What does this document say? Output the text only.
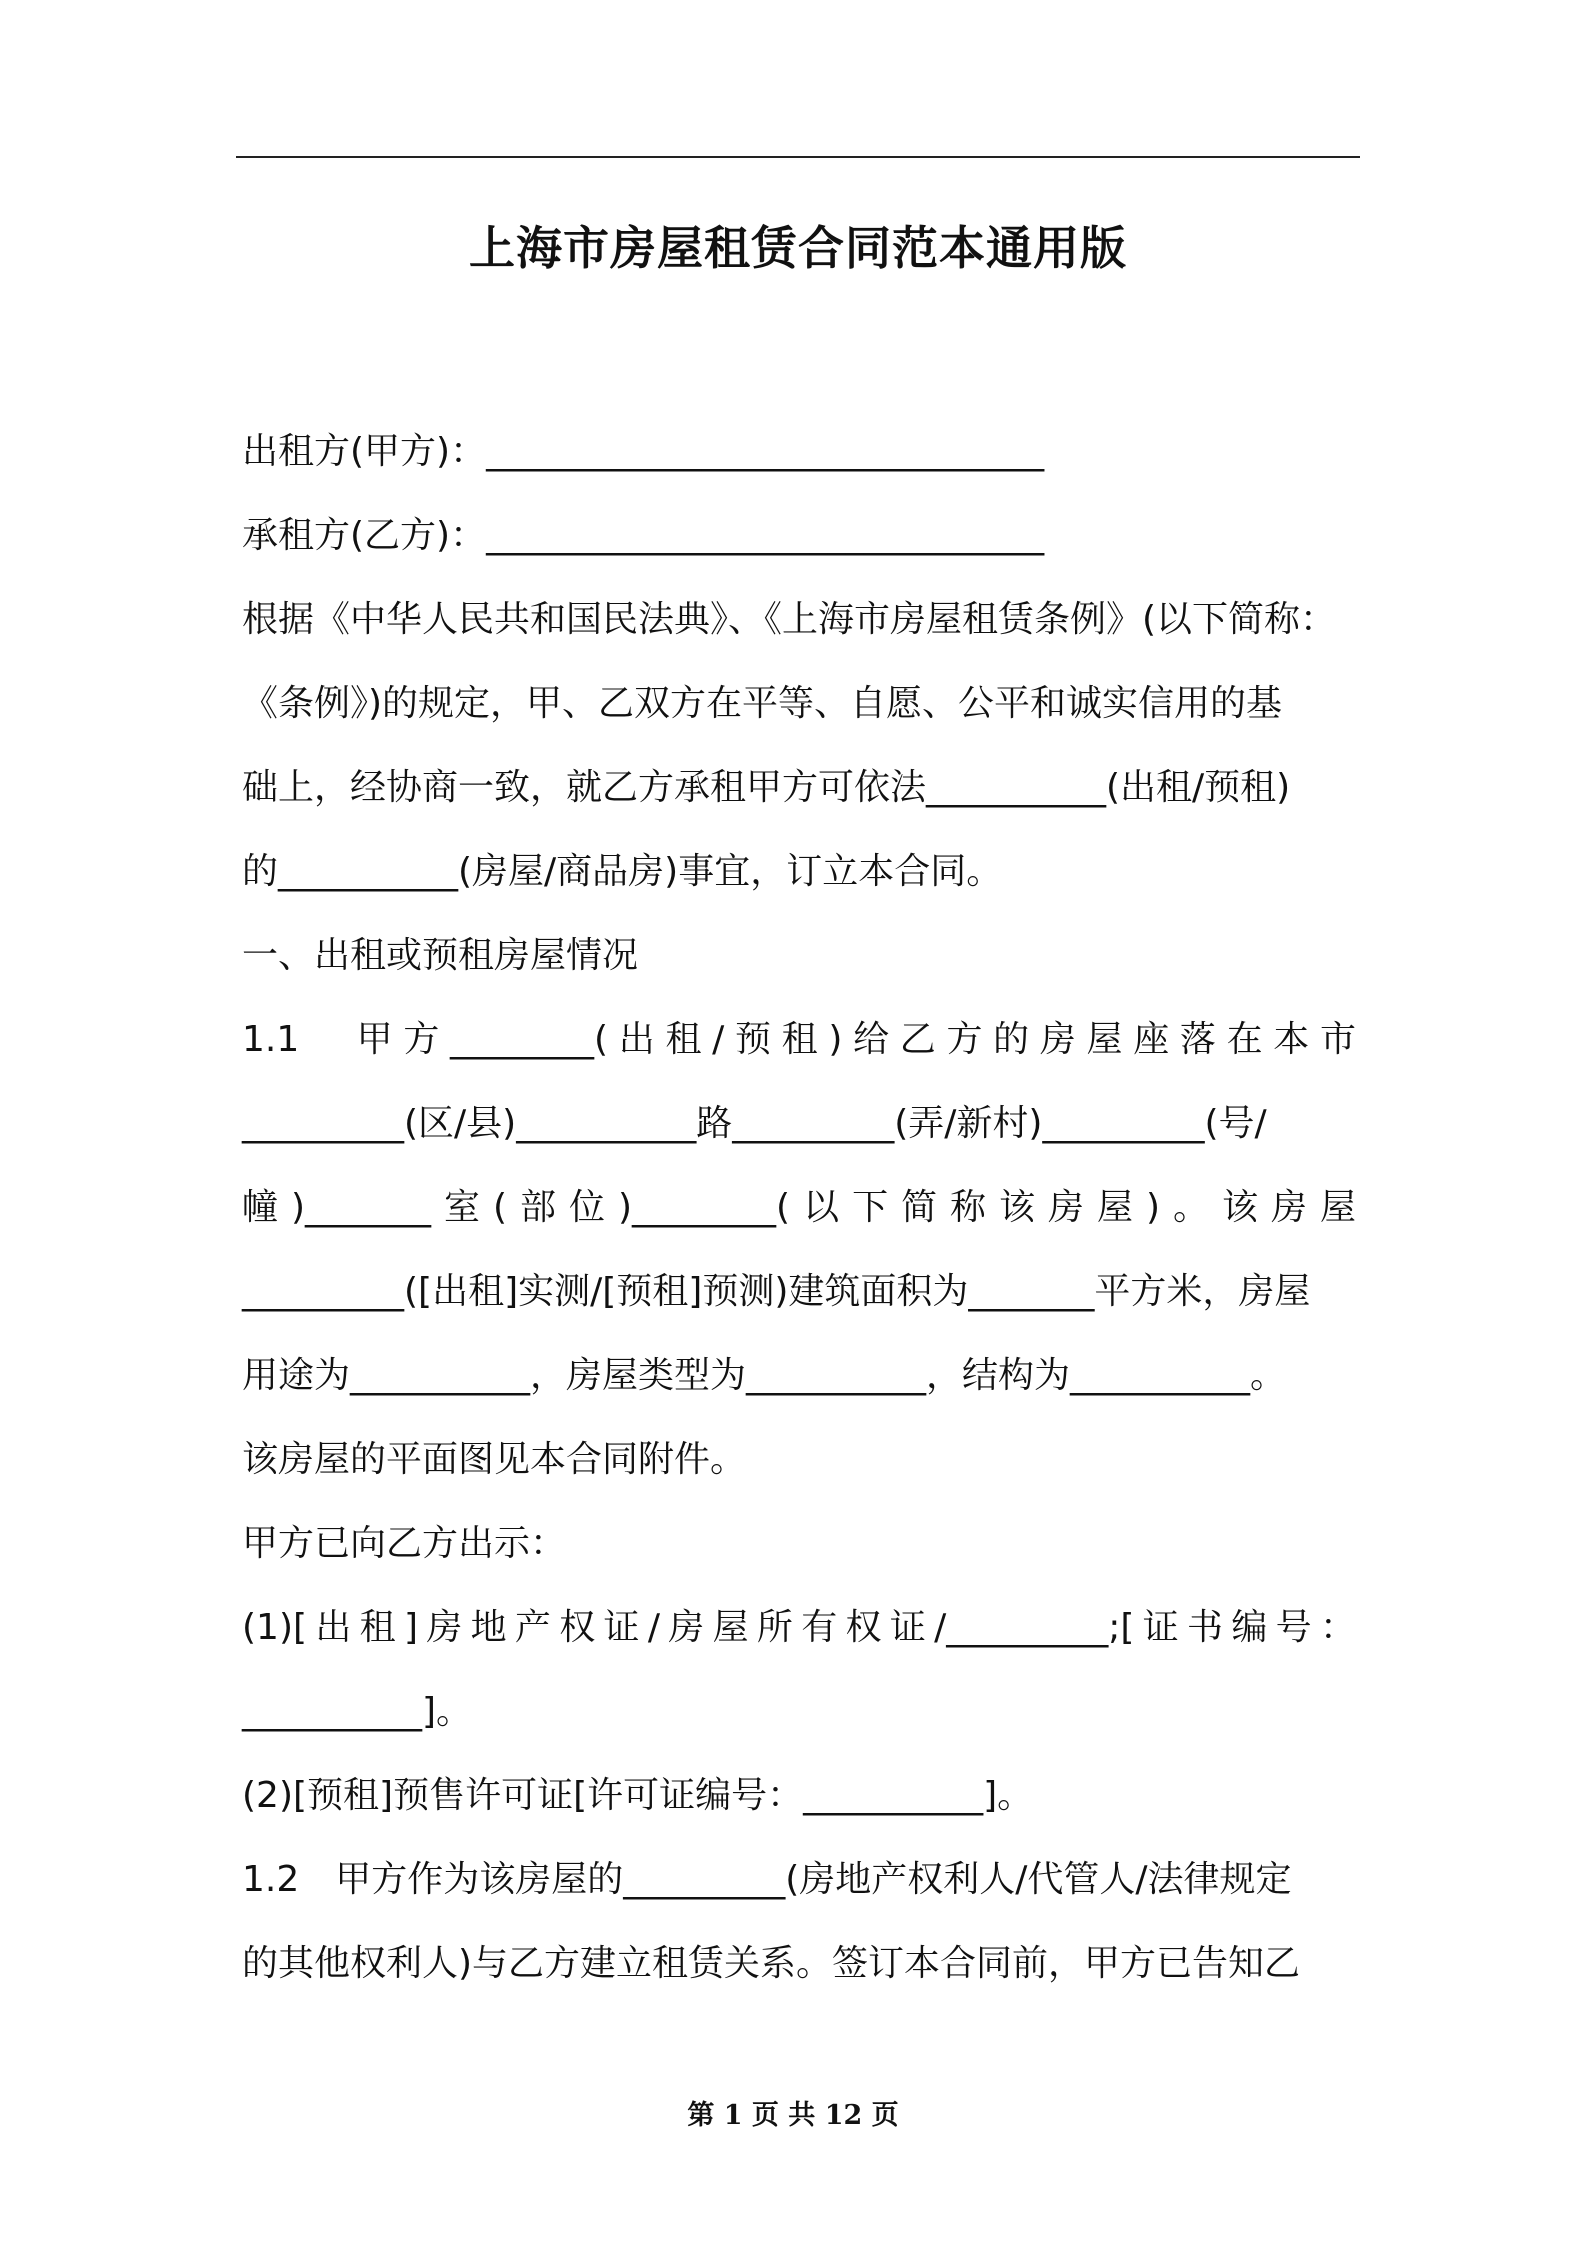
上海市房屋租赁合同范本通用版
出租方(甲方)：_______________________________
承租方(乙方)：_______________________________
根据《中华人民共和国民法典》、《上海市房屋租赁条例》(以下简称：
《条例》)的规定，甲、乙双方在平等、自愿、公平和诚实信用的基
础上，经协商一致，就乙方承租甲方可依法__________(出租/预租)
的__________(房屋/商品房)事宜，订立本合同。
一、出租或预租房屋情况
1.1　甲方________(出租/预租)给乙方的房屋座落在本市
_________(区/县)__________路_________(弄/新村)_________(号/
幢)_______室(部位)________(以下简称该房屋)。该房屋
_________([出租]实测/[预租]预测)建筑面积为_______平方米，房屋
用途为__________，房屋类型为__________，结构为__________。
该房屋的平面图见本合同附件。
甲方已向乙方出示：
(1)[出租]房地产权证/房屋所有权证/_________;[证书编号：
__________]。
(2)[预租]预售许可证[许可证编号：__________]。
1.2　甲方作为该房屋的_________(房地产权利人/代管人/法律规定
的其他权利人)与乙方建立租赁关系。签订本合同前，甲方已告知乙
第 1 页 共 12 页
